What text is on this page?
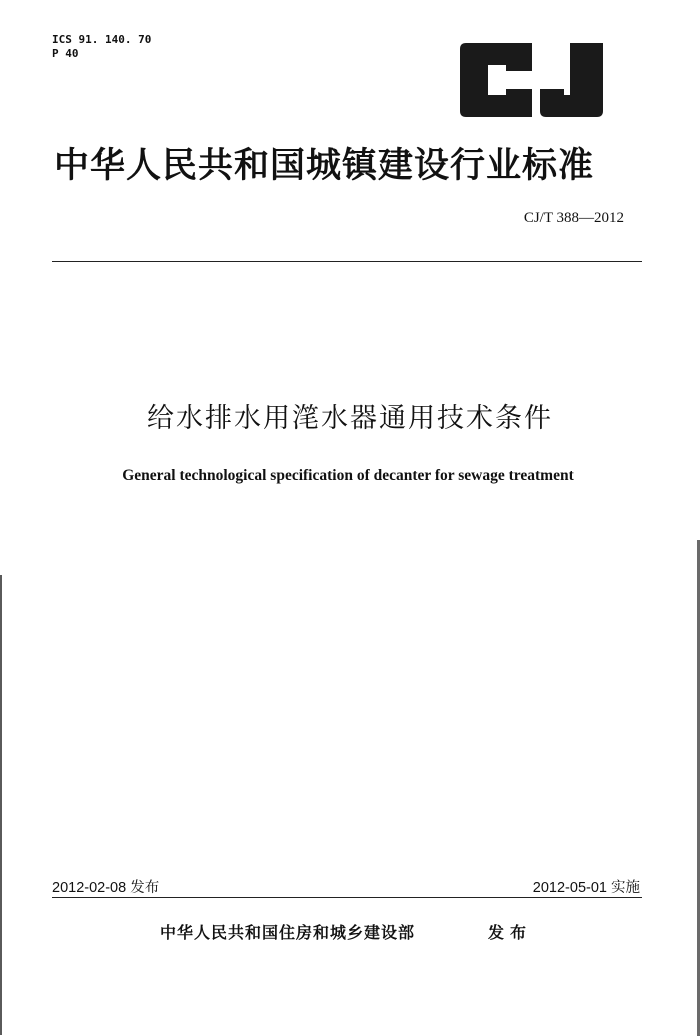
ICS 91. 140. 70
P 40
中华人民共和国城镇建设行业标准
CJ/T 388—2012
给水排水用滗水器通用技术条件
General technological specification of decanter for sewage treatment
2012-02-08 发布	2012-05-01 实施
中华人民共和国住房和城乡建设部	发布
